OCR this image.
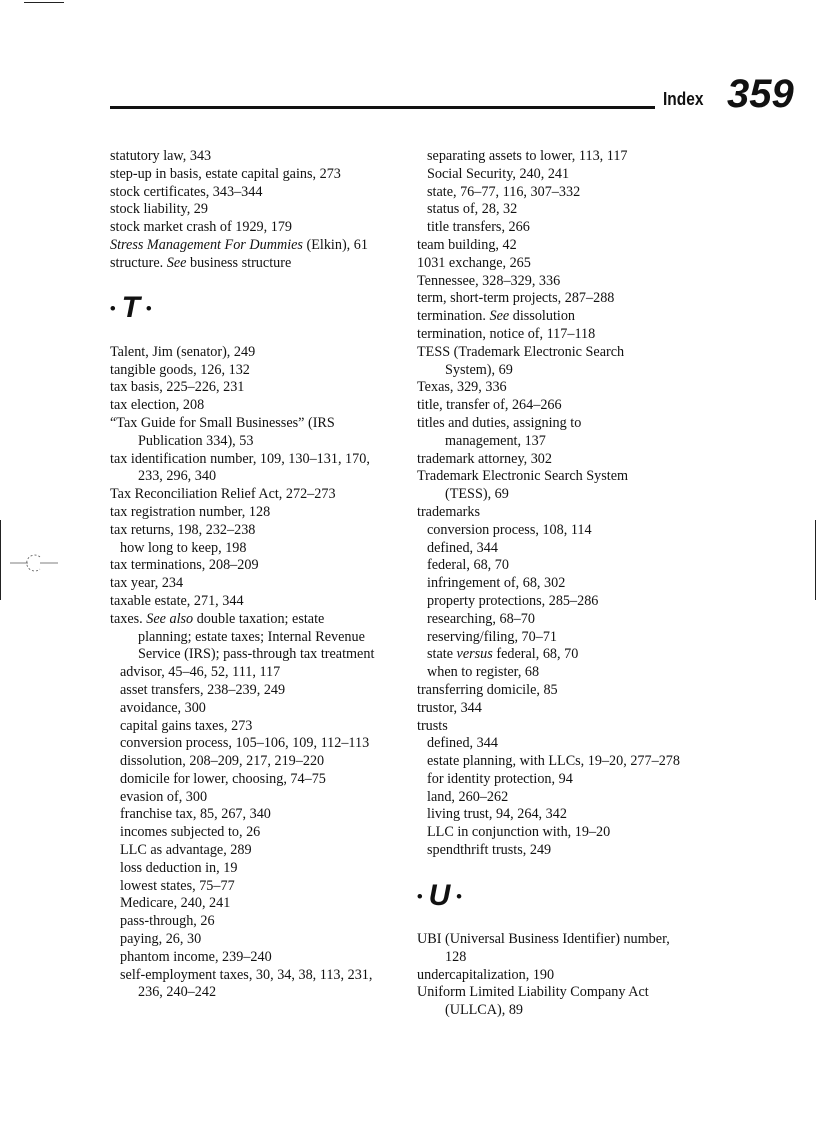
Index 359
statutory law, 343
step-up in basis, estate capital gains, 273
stock certificates, 343–344
stock liability, 29
stock market crash of 1929, 179
Stress Management For Dummies (Elkin), 61
structure. See business structure
• T •
Talent, Jim (senator), 249
tangible goods, 126, 132
tax basis, 225–226, 231
tax election, 208
“Tax Guide for Small Businesses” (IRS
Publication 334), 53
tax identification number, 109, 130–131, 170,
233, 296, 340
Tax Reconciliation Relief Act, 272–273
tax registration number, 128
tax returns, 198, 232–238
how long to keep, 198
tax terminations, 208–209
tax year, 234
taxable estate, 271, 344
taxes. See also double taxation; estate
planning; estate taxes; Internal Revenue
Service (IRS); pass-through tax treatment
advisor, 45–46, 52, 111, 117
asset transfers, 238–239, 249
avoidance, 300
capital gains taxes, 273
conversion process, 105–106, 109, 112–113
dissolution, 208–209, 217, 219–220
domicile for lower, choosing, 74–75
evasion of, 300
franchise tax, 85, 267, 340
incomes subjected to, 26
LLC as advantage, 289
loss deduction in, 19
lowest states, 75–77
Medicare, 240, 241
pass-through, 26
paying, 26, 30
phantom income, 239–240
self-employment taxes, 30, 34, 38, 113, 231,
236, 240–242
separating assets to lower, 113, 117
Social Security, 240, 241
state, 76–77, 116, 307–332
status of, 28, 32
title transfers, 266
team building, 42
1031 exchange, 265
Tennessee, 328–329, 336
term, short-term projects, 287–288
termination. See dissolution
termination, notice of, 117–118
TESS (Trademark Electronic Search
System), 69
Texas, 329, 336
title, transfer of, 264–266
titles and duties, assigning to
management, 137
trademark attorney, 302
Trademark Electronic Search System
(TESS), 69
trademarks
conversion process, 108, 114
defined, 344
federal, 68, 70
infringement of, 68, 302
property protections, 285–286
researching, 68–70
reserving/filing, 70–71
state versus federal, 68, 70
when to register, 68
transferring domicile, 85
trustor, 344
trusts
defined, 344
estate planning, with LLCs, 19–20, 277–278
for identity protection, 94
land, 260–262
living trust, 94, 264, 342
LLC in conjunction with, 19–20
spendthrift trusts, 249
• U •
UBI (Universal Business Identifier) number,
128
undercapitalization, 190
Uniform Limited Liability Company Act
(ULLCA), 89
